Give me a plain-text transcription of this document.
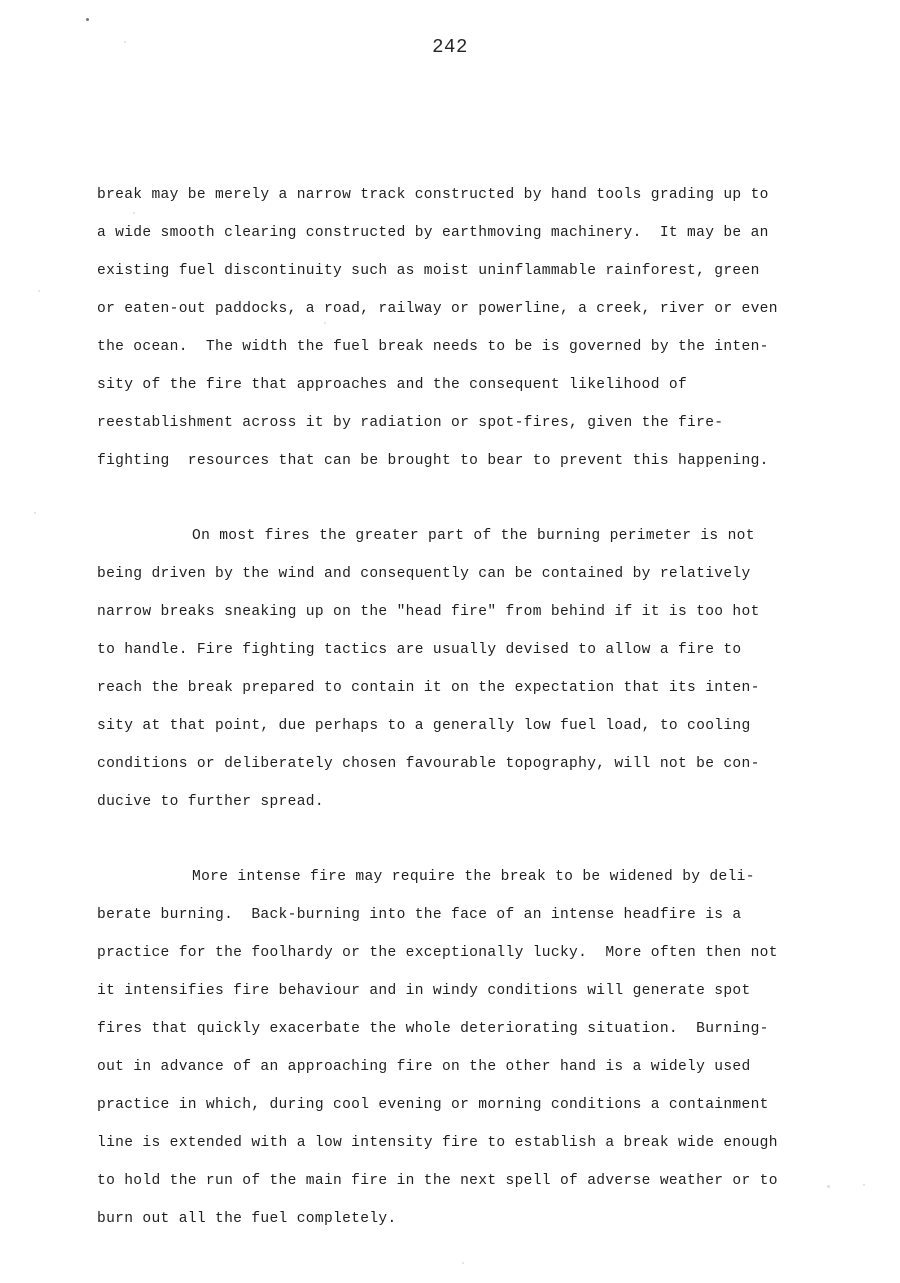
242

break may be merely a narrow track constructed by hand tools grading up to
a wide smooth clearing constructed by earthmoving machinery.  It may be an
existing fuel discontinuity such as moist uninflammable rainforest, green
or eaten-out paddocks, a road, railway or powerline, a creek, river or even
the ocean.  The width the fuel break needs to be is governed by the inten-
sity of the fire that approaches and the consequent likelihood of
reestablishment across it by radiation or spot-fires, given the fire-
fighting  resources that can be brought to bear to prevent this happening.

On most fires the greater part of the burning perimeter is not
being driven by the wind and consequently can be contained by relatively
narrow breaks sneaking up on the "head fire" from behind if it is too hot
to handle. Fire fighting tactics are usually devised to allow a fire to
reach the break prepared to contain it on the expectation that its inten-
sity at that point, due perhaps to a generally low fuel load, to cooling
conditions or deliberately chosen favourable topography, will not be con-
ducive to further spread.

More intense fire may require the break to be widened by deli-
berate burning.  Back-burning into the face of an intense headfire is a
practice for the foolhardy or the exceptionally lucky.  More often then not
it intensifies fire behaviour and in windy conditions will generate spot
fires that quickly exacerbate the whole deteriorating situation.  Burning-
out in advance of an approaching fire on the other hand is a widely used
practice in which, during cool evening or morning conditions a containment
line is extended with a low intensity fire to establish a break wide enough
to hold the run of the main fire in the next spell of adverse weather or to
burn out all the fuel completely.
